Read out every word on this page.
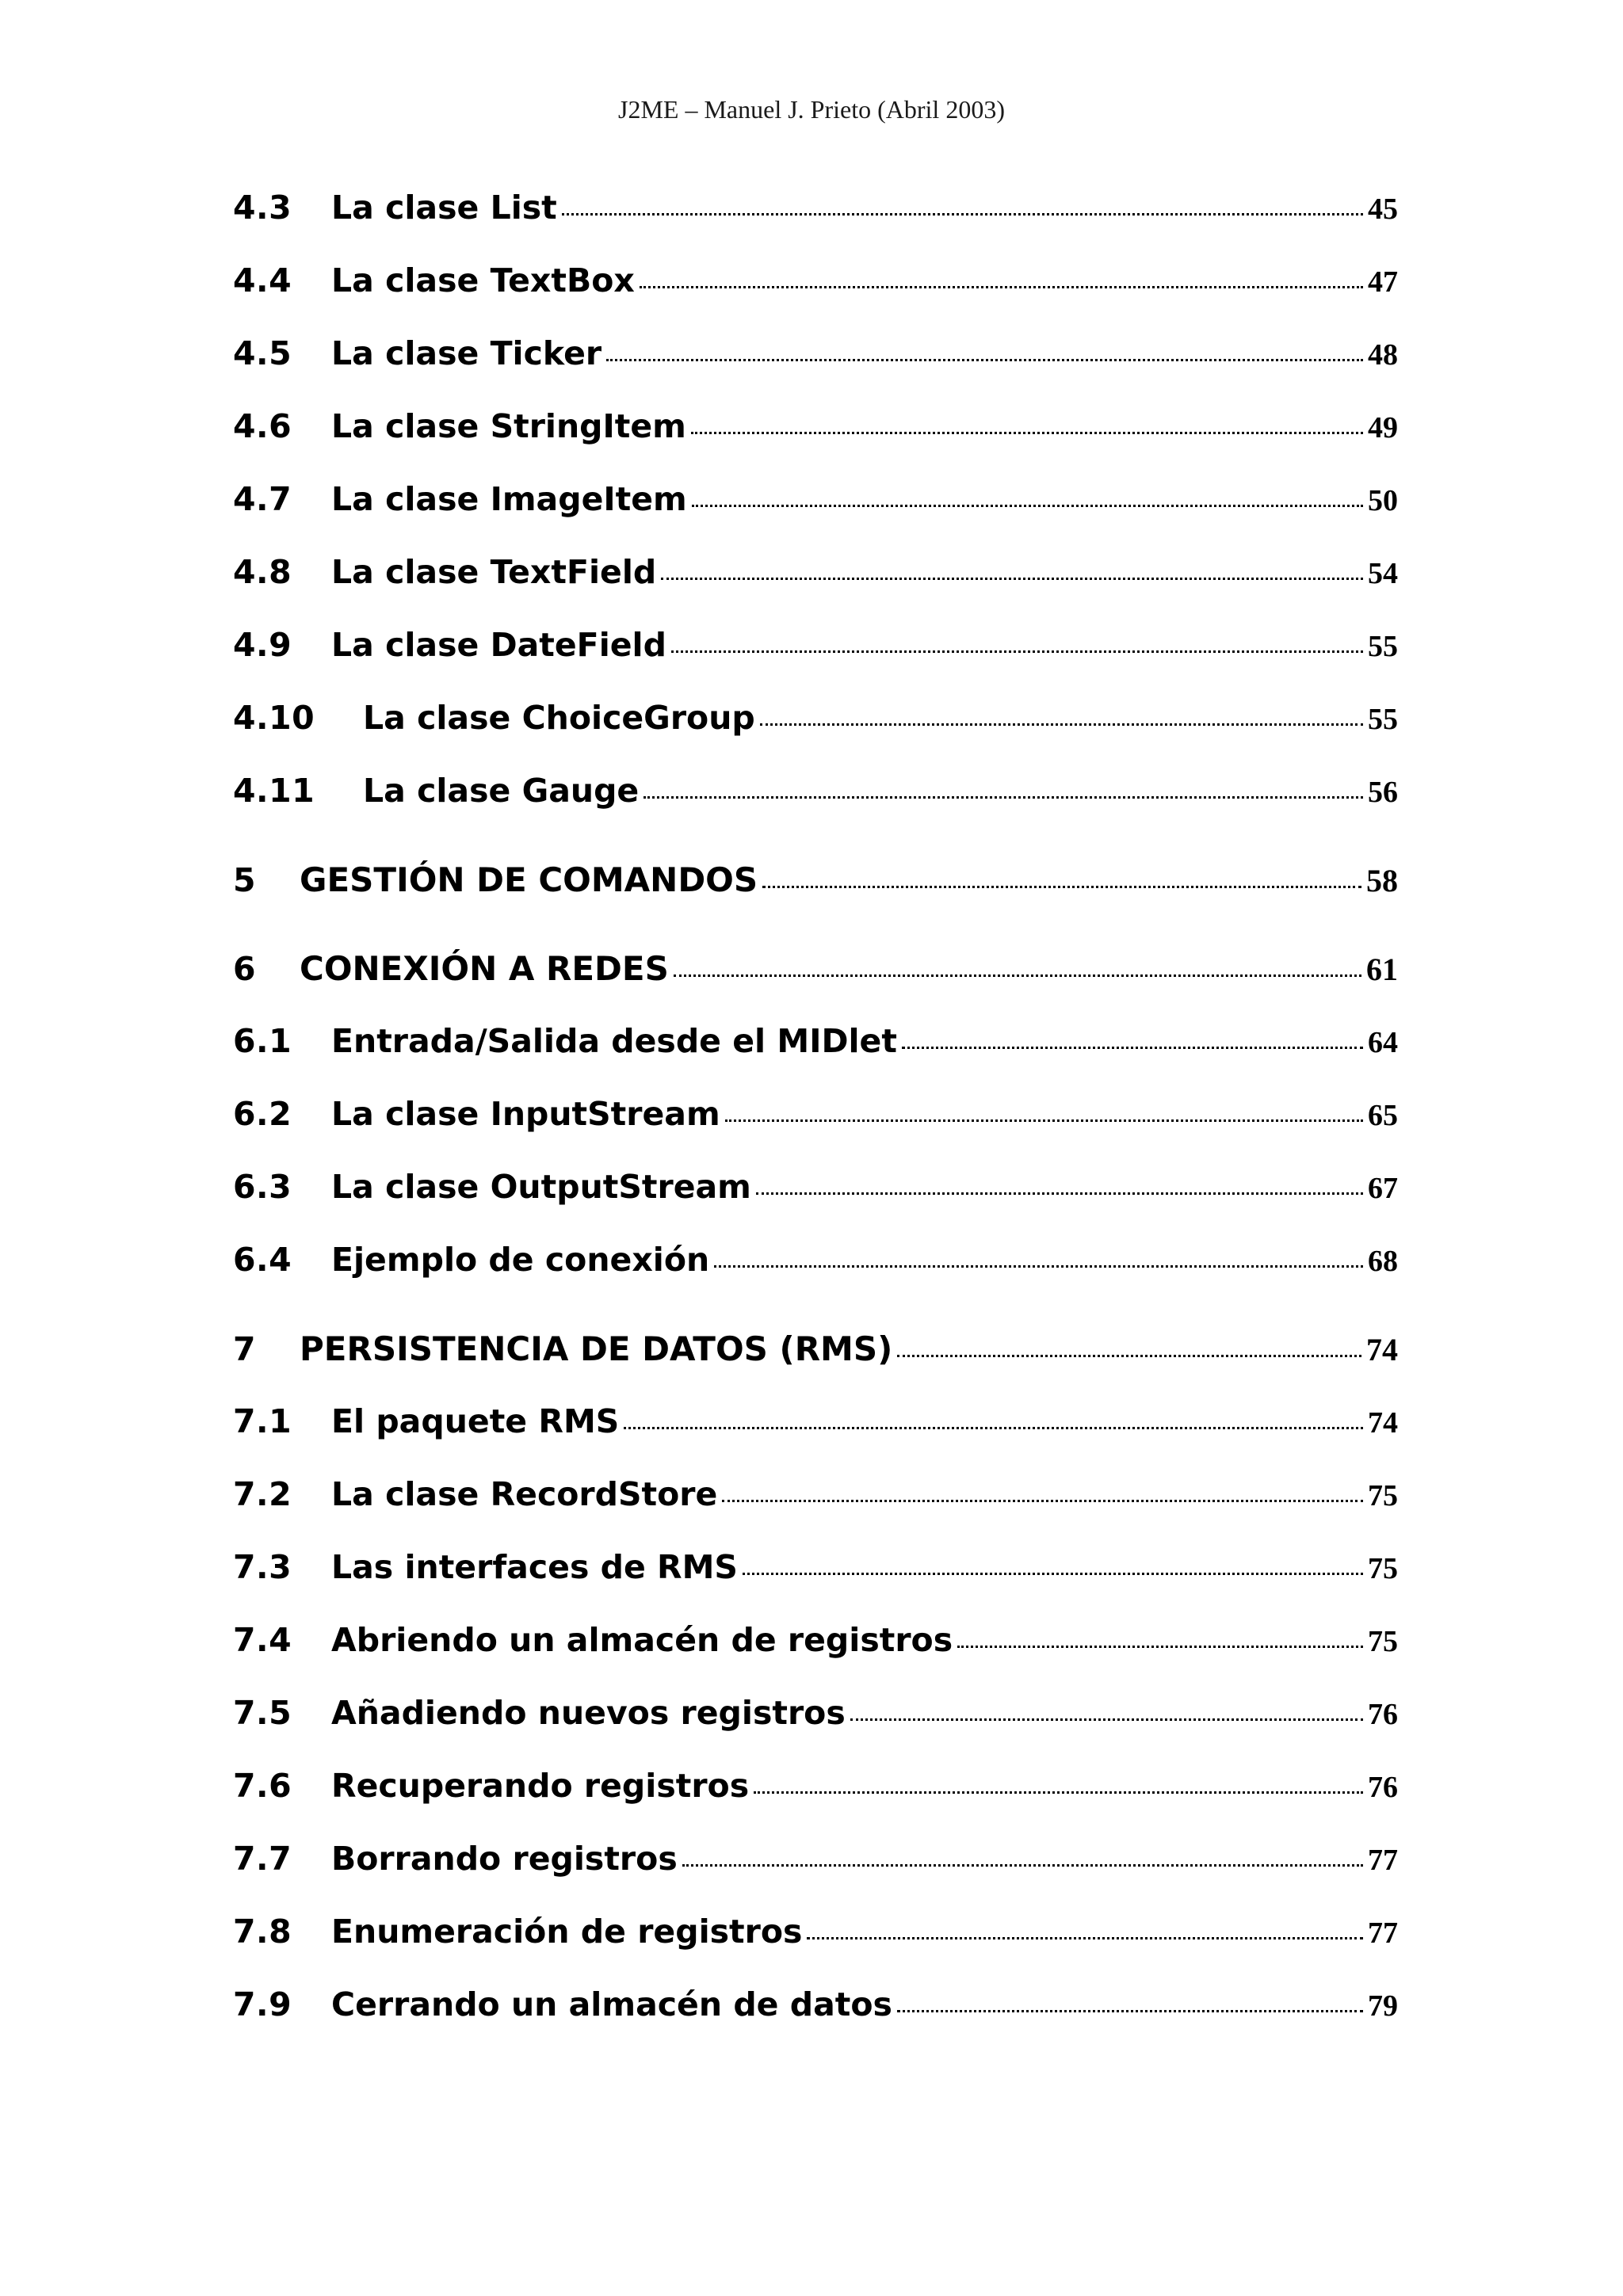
J2ME – Manuel J. Prieto (Abril 2003)
4.3	La clase List	45
4.4	La clase TextBox	47
4.5	La clase Ticker	48
4.6	La clase StringItem	49
4.7	La clase ImageItem	50
4.8	La clase TextField	54
4.9	La clase DateField	55
4.10	La clase ChoiceGroup	55
4.11	La clase Gauge	56
5	GESTIÓN DE COMANDOS	58
6	CONEXIÓN A REDES	61
6.1	Entrada/Salida desde el MIDlet	64
6.2	La clase InputStream	65
6.3	La clase OutputStream	67
6.4	Ejemplo de conexión	68
7	PERSISTENCIA DE DATOS (RMS)	74
7.1	El paquete RMS	74
7.2	La clase RecordStore	75
7.3	Las interfaces de RMS	75
7.4	Abriendo un almacén de registros	75
7.5	Añadiendo nuevos registros	76
7.6	Recuperando registros	76
7.7	Borrando registros	77
7.8	Enumeración de registros	77
7.9	Cerrando un almacén de datos	79
